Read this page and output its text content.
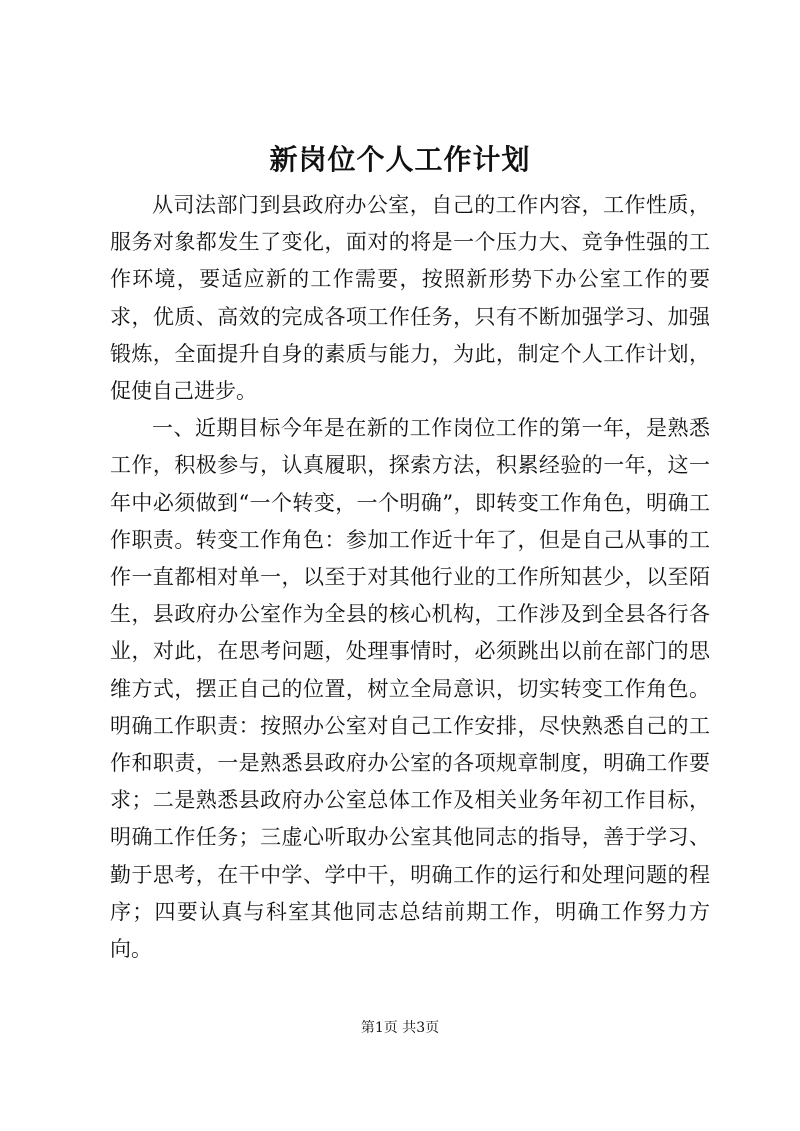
新岗位个人工作计划

从司法部门到县政府办公室，自己的工作内容，工作性质，服务对象都发生了变化，面对的将是一个压力大、竞争性强的工作环境，要适应新的工作需要，按照新形势下办公室工作的要求，优质、高效的完成各项工作任务，只有不断加强学习、加强锻炼，全面提升自身的素质与能力，为此，制定个人工作计划，促使自己进步。

一、近期目标今年是在新的工作岗位工作的第一年，是熟悉工作，积极参与，认真履职，探索方法，积累经验的一年，这一年中必须做到“一个转变，一个明确”，即转变工作角色，明确工作职责。转变工作角色：参加工作近十年了，但是自己从事的工作一直都相对单一，以至于对其他行业的工作所知甚少，以至陌生，县政府办公室作为全县的核心机构，工作涉及到全县各行各业，对此，在思考问题，处理事情时，必须跳出以前在部门的思维方式，摆正自己的位置，树立全局意识，切实转变工作角色。明确工作职责：按照办公室对自己工作安排，尽快熟悉自己的工作和职责，一是熟悉县政府办公室的各项规章制度，明确工作要求；二是熟悉县政府办公室总体工作及相关业务年初工作目标，明确工作任务；三虚心听取办公室其他同志的指导，善于学习、勤于思考，在干中学、学中干，明确工作的运行和处理问题的程序；四要认真与科室其他同志总结前期工作，明确工作努力方向。

第1页 共3页
